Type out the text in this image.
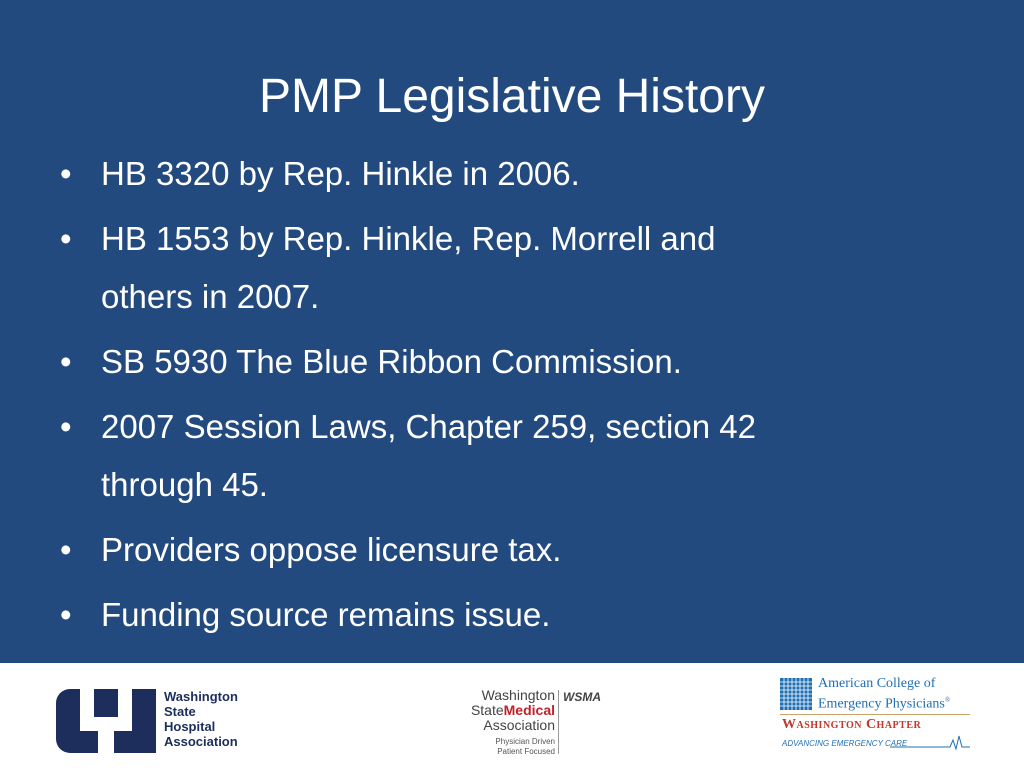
PMP Legislative History
• HB 3320 by Rep. Hinkle in 2006.
• HB 1553 by Rep. Hinkle, Rep. Morrell and
others in 2007.
• SB 5930 The Blue Ribbon Commission.
• 2007 Session Laws, Chapter 259, section 42
through 45.
• Providers oppose licensure tax.
• Funding source remains issue.
Washington
State
Hospital
Association
Washington
StateMedical
Association
Physician Driven
Patient Focused
WSMA
American College of
Emergency Physicians®
Washington Chapter
ADVANCING EMERGENCY CARE
